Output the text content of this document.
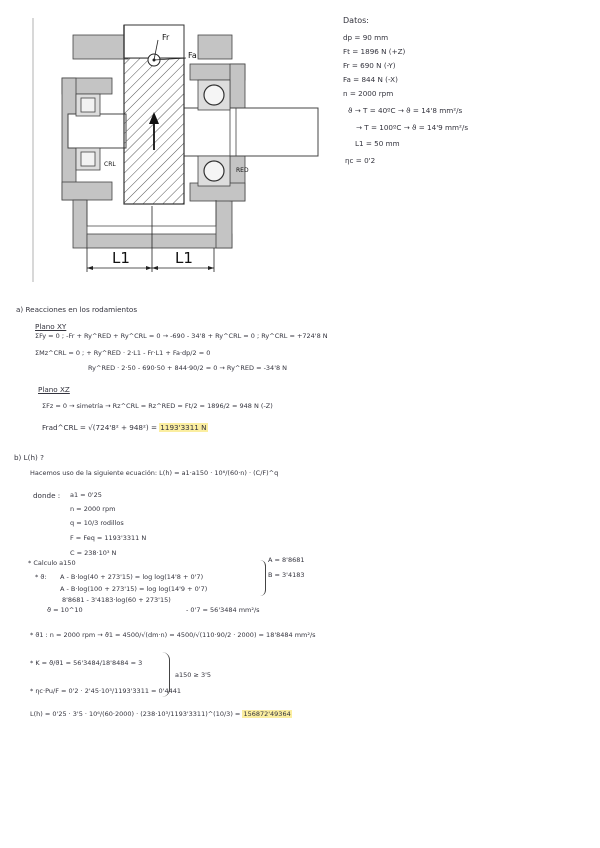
L1	L1
Fr
Fa
CRL
RED
Datos:
dp = 90 mm
Ft = 1896 N (+Z)
Fr = 690 N (-Y)
Fa = 844 N (-X)
n = 2000 rpm
ϑ → T = 40ºC → ϑ = 14'8 mm²/s
→ T = 100ºC → ϑ = 14'9 mm²/s
L1 = 50 mm
ηc = 0'2
a) Reacciones en los rodamientos
Plano XY
ΣFy = 0 ; -Fr + Ry^RED + Ry^CRL = 0 → -690 - 34'8 + Ry^CRL = 0 ; Ry^CRL = +724'8 N
ΣMz^CRL = 0 ; + Ry^RED · 2·L1 - Fr·L1 + Fa·dp/2 = 0
Ry^RED · 2·50 - 690·50 + 844·90/2 = 0 → Ry^RED = -34'8 N
Plano XZ
ΣFz = 0 → simetría → Rz^CRL = Rz^RED = Ft/2 = 1896/2 = 948 N (-Z)
Frad^CRL = √(724'8² + 948²) = 1193'3311 N
b) L(h) ?
Hacemos uso de la siguiente ecuación: L(h) = a1·a150 · 10⁶/(60·n) · (C/F)^q
donde : a1 = 0'25
n = 2000 rpm
q = 10/3 rodillos
F = Feq = 1193'3311 N
C = 238·10³ N
* Calculo a150
* ϑ: A - B·log(40 + 273'15) = log log(14'8 + 0'7)
A - B·log(100 + 273'15) = log log(14'9 + 0'7)
A = 8'8681
B = 3'4183
8'8681 - 3'4183·log(60 + 273'15)
ϑ = 10^10	- 0'7 = 56'3484 mm²/s
* ϑ1 : n = 2000 rpm → ϑ1 = 4500/√(dm·n) = 4500/√(110·90/2 · 2000) = 18'8484 mm²/s
* K = ϑ/ϑ1 = 56'3484/18'8484 = 3
a150 ≥ 3'5
* ηc·Pu/F = 0'2 · 2'45·10³/1193'3311 = 0'4441
L(h) = 0'25 · 3'5 · 10⁶/(60·2000) · (238·10³/1193'3311)^(10/3) = 156872'49364
